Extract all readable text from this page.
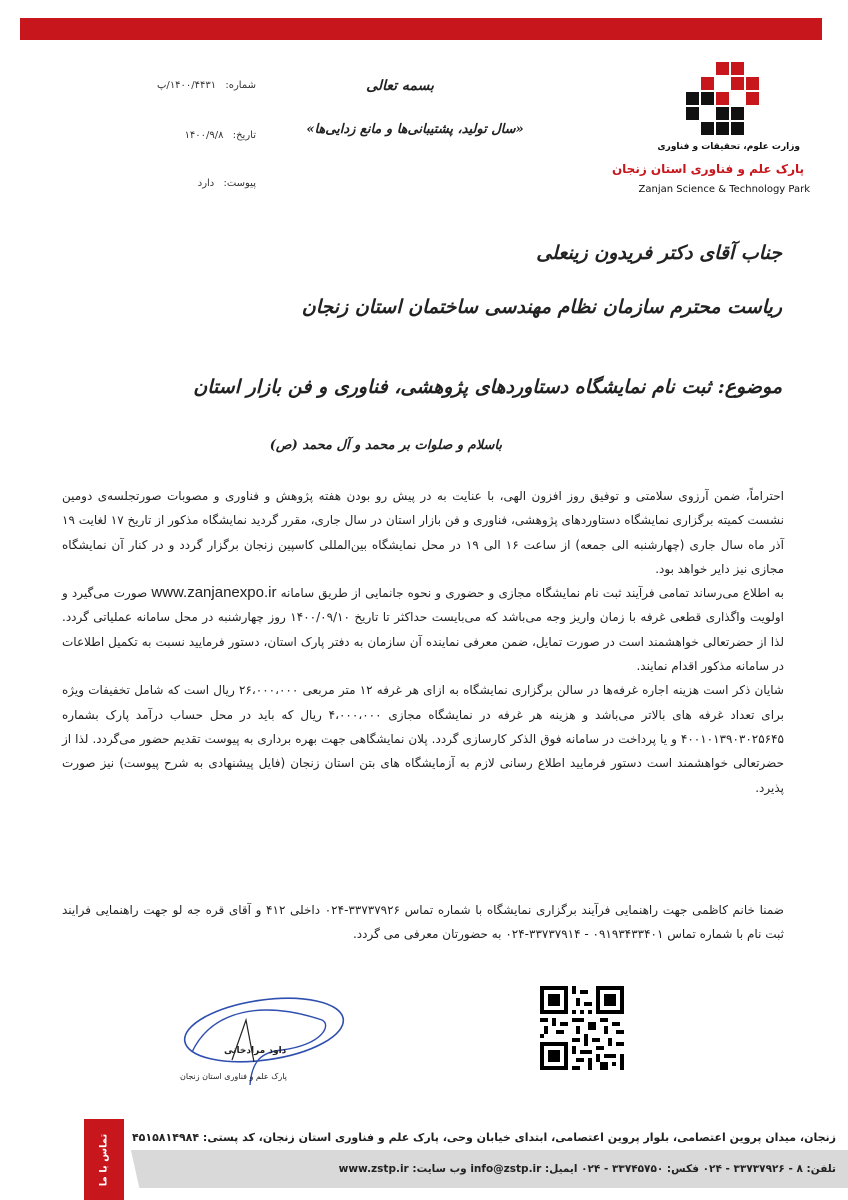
وزارت علوم، تحقیقات و فناوری
پارک علم و فناوری استان زنجان
Zanjan Science & Technology Park
بسمه تعالی
«سال تولید، پشتیبانی‌ها و مانع زدایی‌ها»
شماره: ۱۴۰۰/۴۴۳۱/پ
تاریخ: ۱۴۰۰/۹/۸
پیوست: دارد
جناب آقای دکتر فریدون زینعلی
ریاست محترم سازمان نظام مهندسی ساختمان استان زنجان
موضوع: ثبت نام نمایشگاه دستاوردهای پژوهشی، فناوری و فن بازار استان
باسلام و صلوات بر محمد و آل محمد (ص)

احتراماً، ضمن آرزوی سلامتی و توفیق روز افزون الهی، با عنایت به در پیش رو بودن هفته پژوهش و فناوری و مصوبات صورتجلسه‌ی دومین نشست کمیته برگزاری نمایشگاه دستاوردهای پژوهشی، فناوری و فن بازار استان در سال جاری، مقرر گردید نمایشگاه مذکور از تاریخ ۱۷ لغایت ۱۹ آذر ماه سال جاری (چهارشنبه الی جمعه) از ساعت ۱۶ الی ۱۹ در محل نمایشگاه بین‌المللی کاسپین زنجان برگزار گردد و در کنار آن نمایشگاه مجازی نیز دایر خواهد بود.

به اطلاع می‌رساند تمامی فرآیند ثبت نام نمایشگاه مجازی و حضوری و نحوه جانمایی از طریق سامانه www.zanjanexpo.ir صورت می‌گیرد و اولویت واگذاری قطعی غرفه با زمان واریز وجه می‌باشد که می‌بایست حداکثر تا تاریخ ۱۴۰۰/۰۹/۱۰ روز چهارشنبه در محل سامانه عملیاتی گردد. لذا از حضرتعالی خواهشمند است در صورت تمایل، ضمن معرفی نماینده آن سازمان به دفتر پارک استان، دستور فرمایید نسبت به تکمیل اطلاعات در سامانه مذکور اقدام نمایند.

شایان ذکر است هزینه اجاره غرفه‌ها در سالن برگزاری نمایشگاه به ازای هر غرفه ۱۲ متر مربعی ۲۶،۰۰۰،۰۰۰ ریال است که شامل تخفیفات ویژه برای تعداد غرفه های بالاتر می‌باشد و هزینه هر غرفه در نمایشگاه مجازی ۴،۰۰۰،۰۰۰ ریال که باید در محل حساب درآمد پارک بشماره ۴۰۰۱۰۱۳۹۰۳۰۲۵۶۴۵ و یا پرداخت در سامانه فوق الذکر کارسازی گردد. پلان نمایشگاهی جهت بهره برداری به پیوست تقدیم حضور می‌گردد. لذا از حضرتعالی خواهشمند است دستور فرمایید اطلاع رسانی لازم به آزمایشگاه های بتن استان زنجان (فایل پیشنهادی به شرح پیوست) نیز صورت پذیرد.

ضمنا خانم کاظمی جهت راهنمایی فرآیند برگزاری نمایشگاه با شماره تماس ۳۳۷۳۷۹۲۶-۰۲۴ داخلی ۴۱۲ و آقای قره جه لو جهت راهنمایی فرایند ثبت نام با شماره تماس ۰۹۱۹۳۴۳۳۴۰۱ - ۳۳۷۳۷۹۱۴-۰۲۴ به حضورتان معرفی می گردد.
داود مرادخانی
پارک علم و فناوری استان زنجان
تماس با ما زنجان، میدان پروین اعتصامی، بلوار پروین اعتصامی، ابتدای خیابان وحی، پارک علم و فناوری استان زنجان، کد پستی: ۴۵۱۵۸۱۴۹۸۴
تلفن: ۸ - ۳۳۷۳۷۹۲۶ - ۰۲۴ فکس: ۳۳۷۴۵۷۵۰ - ۰۲۴ ایمیل: info@zstp.ir وب سایت: www.zstp.ir
